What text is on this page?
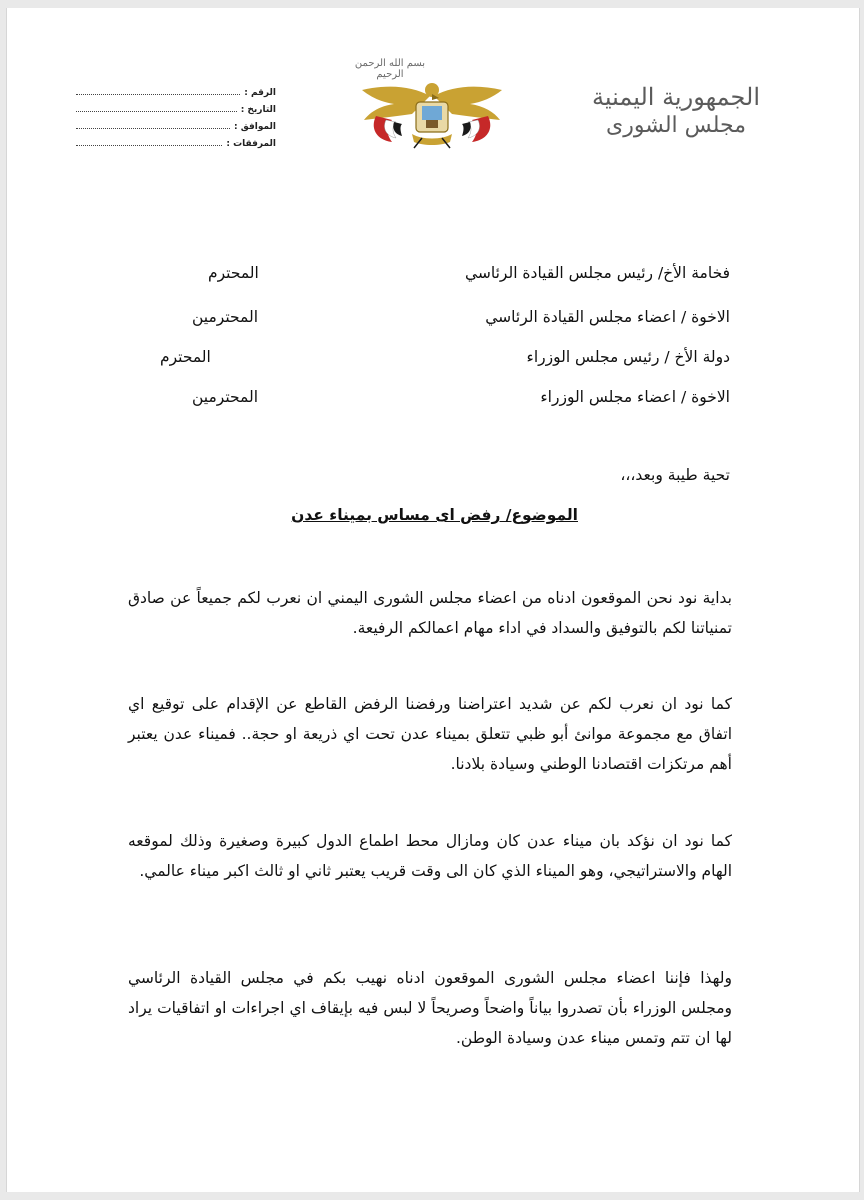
الجمهورية اليمنية
مجلس الشورى
بسم الله الرحمن الرحيم
الرقم :
التاريخ :
الموافق :
المرفقات :
فخامة الأخ/ رئيس مجلس القيادة الرئاسي
المحترم
الاخوة / اعضاء مجلس القيادة الرئاسي
المحترمين
دولة الأخ / رئيس مجلس الوزراء
المحترم
الاخوة / اعضاء مجلس الوزراء
المحترمين
تحية طيبة وبعد،،،
الموضوع/ رفض اى مساس بميناء عدن
بداية نود نحن الموقعون ادناه من اعضاء مجلس الشورى اليمني ان نعرب لكم جميعاً عن صادق تمنياتنا لكم بالتوفيق والسداد في اداء مهام اعمالكم الرفيعة.
كما نود ان نعرب لكم عن شديد اعتراضنا ورفضنا الرفض القاطع عن الإقدام على توقيع اي اتفاق مع مجموعة موانئ أبو ظبي تتعلق بميناء عدن تحت اي ذريعة او حجة.. فميناء عدن يعتبر أهم مرتكزات اقتصادنا الوطني وسيادة بلادنا.
كما نود ان نؤكد بان ميناء عدن كان ومازال محط اطماع الدول كبيرة وصغيرة وذلك لموقعه الهام والاستراتيجي، وهو الميناء الذي كان الى وقت قريب يعتبر ثاني او ثالث اكبر ميناء عالمي.
ولهذا فإننا اعضاء مجلس الشورى الموقعون ادناه نهيب بكم في مجلس القيادة الرئاسي ومجلس الوزراء بأن تصدروا بياناً واضحاً وصريحاً لا لبس فيه بإيقاف اي اجراءات او اتفاقيات يراد لها ان تتم وتمس ميناء عدن وسيادة الوطن.
